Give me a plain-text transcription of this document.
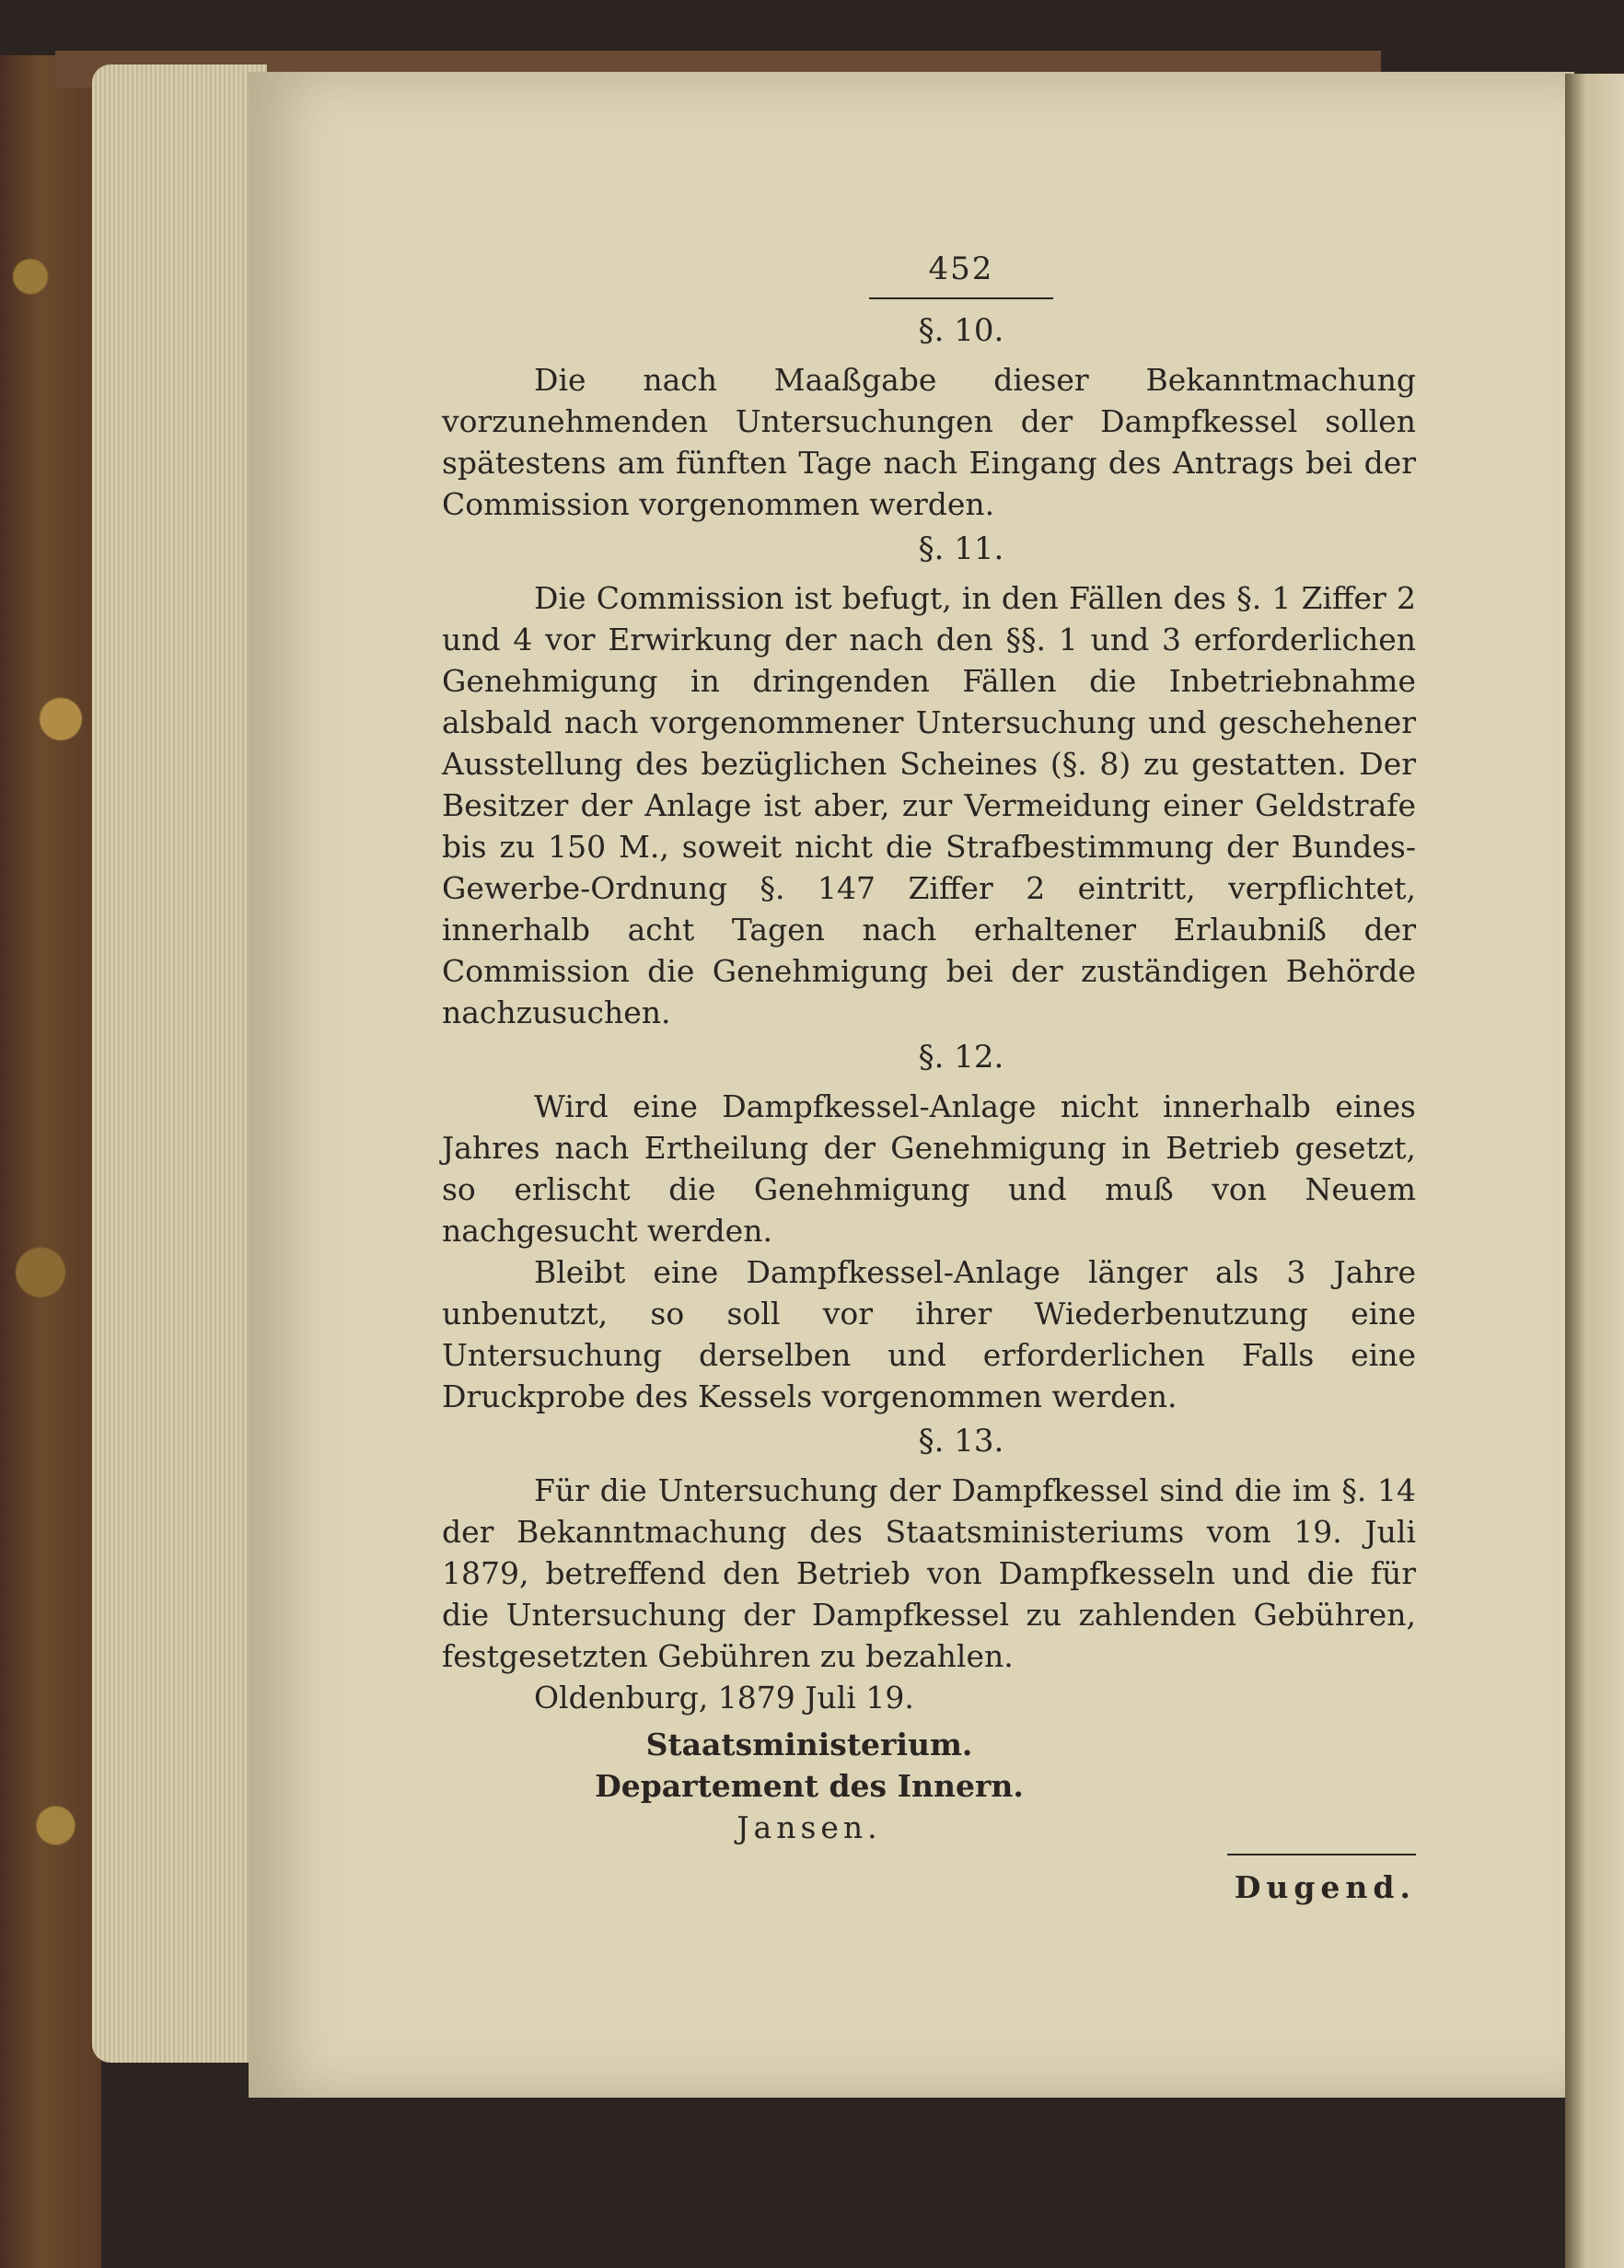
452
§. 10.

Die nach Maaßgabe dieser Bekanntmachung vorzunehmenden Untersuchungen der Dampfkessel sollen spätestens am fünften Tage nach Eingang des Antrags bei der Commission vorgenommen werden.

§. 11.

Die Commission ist befugt, in den Fällen des §. 1 Ziffer 2 und 4 vor Erwirkung der nach den §§. 1 und 3 erforderlichen Genehmigung in dringenden Fällen die Inbetriebnahme alsbald nach vorgenommener Untersuchung und geschehener Ausstellung des bezüglichen Scheines (§. 8) zu gestatten. Der Besitzer der Anlage ist aber, zur Vermeidung einer Geldstrafe bis zu 150 M., soweit nicht die Strafbestimmung der Bundes-Gewerbe-Ordnung §. 147 Ziffer 2 eintritt, verpflichtet, innerhalb acht Tagen nach erhaltener Erlaubniß der Commission die Genehmigung bei der zuständigen Behörde nachzusuchen.

§. 12.

Wird eine Dampfkessel-Anlage nicht innerhalb eines Jahres nach Ertheilung der Genehmigung in Betrieb gesetzt, so erlischt die Genehmigung und muß von Neuem nachgesucht werden.

Bleibt eine Dampfkessel-Anlage länger als 3 Jahre unbenutzt, so soll vor ihrer Wiederbenutzung eine Untersuchung derselben und erforderlichen Falls eine Druckprobe des Kessels vorgenommen werden.

§. 13.

Für die Untersuchung der Dampfkessel sind die im §. 14 der Bekanntmachung des Staatsministeriums vom 19. Juli 1879, betreffend den Betrieb von Dampfkesseln und die für die Untersuchung der Dampfkessel zu zahlenden Gebühren, festgesetzten Gebühren zu bezahlen.

Oldenburg, 1879 Juli 19.

Staatsministerium.
Departement des Innern.
Jansen.
Dugend.
